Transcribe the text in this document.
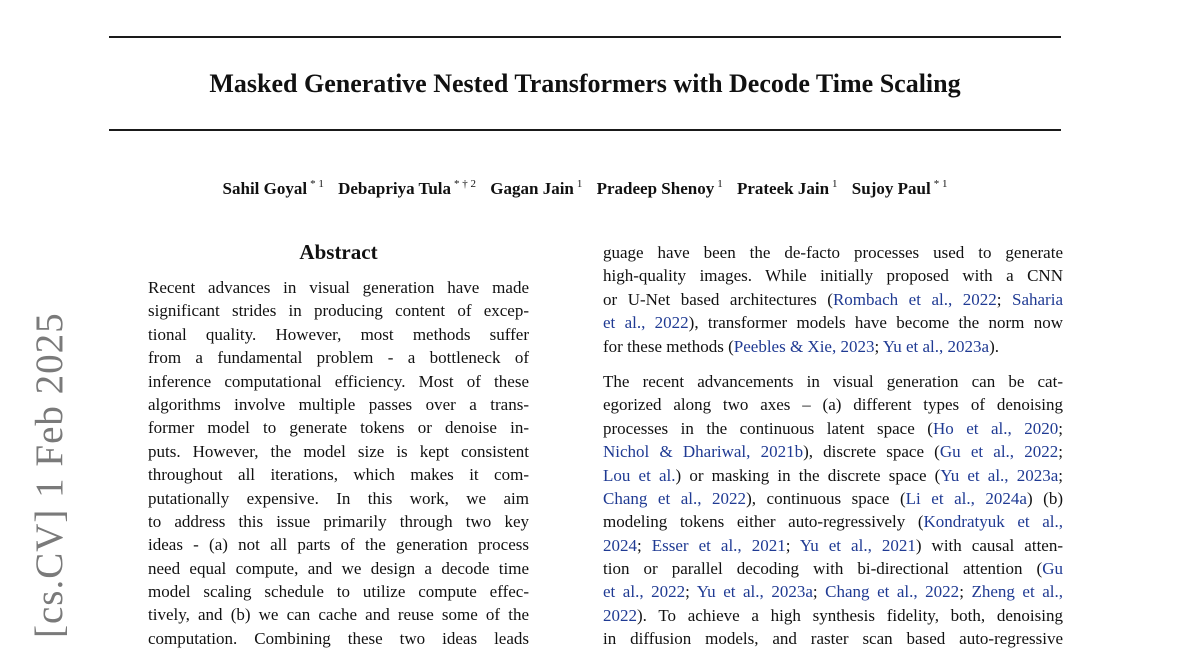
Masked Generative Nested Transformers with Decode Time Scaling
Sahil Goyal $^{* 1}$ Debapriya Tula $^{* \dagger 2}$ Gagan Jain $^1$ Pradeep Shenoy $^1$ Prateek Jain $^1$ Sujoy Paul $^{* 1}$
[cs.CV] 1 Feb 2025
Abstract
Recent advances in visual generation have made
significant strides in producing content of excep-
tional quality. However, most methods suffer
from a fundamental problem - a bottleneck of
inference computational efficiency. Most of these
algorithms involve multiple passes over a trans-
former model to generate tokens or denoise in-
puts. However, the model size is kept consistent
throughout all iterations, which makes it com-
putationally expensive. In this work, we aim
to address this issue primarily through two key
ideas - (a) not all parts of the generation process
need equal compute, and we design a decode time
model scaling schedule to utilize compute effec-
tively, and (b) we can cache and reuse some of the
computation. Combining these two ideas leads
guage have been the de-facto processes used to generate
high-quality images. While initially proposed with a CNN
or U-Net based architectures (Rombach et al., 2022; Saharia
et al., 2022), transformer models have become the norm now
for these methods (Peebles & Xie, 2023; Yu et al., 2023a).
The recent advancements in visual generation can be cat-
egorized along two axes – (a) different types of denoising
processes in the continuous latent space (Ho et al., 2020;
Nichol & Dhariwal, 2021b), discrete space (Gu et al., 2022;
Lou et al.) or masking in the discrete space (Yu et al., 2023a;
Chang et al., 2022), continuous space (Li et al., 2024a) (b)
modeling tokens either auto-regressively (Kondratyuk et al.,
2024; Esser et al., 2021; Yu et al., 2021) with causal atten-
tion or parallel decoding with bi-directional attention (Gu
et al., 2022; Yu et al., 2023a; Chang et al., 2022; Zheng et al.,
2022). To achieve a high synthesis fidelity, both, denoising
in diffusion models, and raster scan based auto-regressive
